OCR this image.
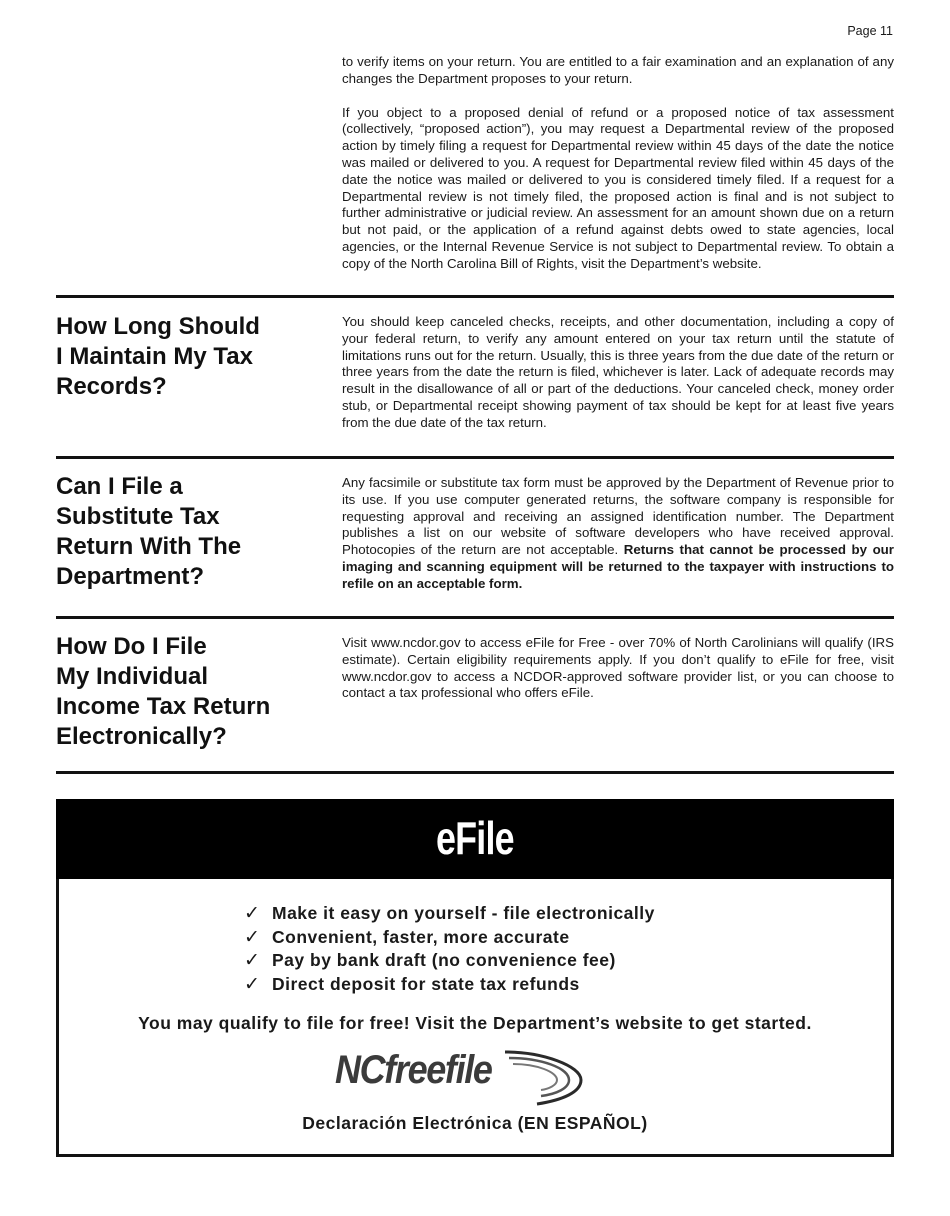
Page 11

to verify items on your return. You are entitled to a fair examination and an explanation of any changes the Department proposes to your return.

If you object to a proposed denial of refund or a proposed notice of tax assessment (collectively, “proposed action”), you may request a Departmental review of the proposed action by timely filing a request for Departmental review within 45 days of the date the notice was mailed or delivered to you. A request for Departmental review filed within 45 days of the date the notice was mailed or delivered to you is considered timely filed. If a request for a Departmental review is not timely filed, the proposed action is final and is not subject to further administrative or judicial review. An assessment for an amount shown due on a return but not paid, or the application of a refund against debts owed to state agencies, local agencies, or the Internal Revenue Service is not subject to Departmental review. To obtain a copy of the North Carolina Bill of Rights, visit the Department’s website.

How Long Should
I Maintain My Tax
Records?

You should keep canceled checks, receipts, and other documentation, including a copy of your federal return, to verify any amount entered on your tax return until the statute of limitations runs out for the return. Usually, this is three years from the due date of the return or three years from the date the return is filed, whichever is later. Lack of adequate records may result in the disallowance of all or part of the deductions. Your canceled check, money order stub, or Departmental receipt showing payment of tax should be kept for at least five years from the due date of the tax return.

Can I File a
Substitute Tax
Return With The
Department?

Any facsimile or substitute tax form must be approved by the Department of Revenue prior to its use. If you use computer generated returns, the software company is responsible for requesting approval and receiving an assigned identification number. The Department publishes a list on our website of software developers who have received approval. Photocopies of the return are not acceptable. Returns that cannot be processed by our imaging and scanning equipment will be returned to the taxpayer with instructions to refile on an acceptable form.

How Do I File
My Individual
Income Tax Return
Electronically?

Visit www.ncdor.gov to access eFile for Free - over 70% of North Carolinians will qualify (IRS estimate). Certain eligibility requirements apply. If you don’t qualify to eFile for free, visit www.ncdor.gov to access a NCDOR-approved software provider list, or you can choose to contact a tax professional who offers eFile.

eFile
✓ Make it easy on yourself - file electronically
✓ Convenient, faster, more accurate
✓ Pay by bank draft (no convenience fee)
✓ Direct deposit for state tax refunds

You may qualify to file for free! Visit the Department’s website to get started.

NCfreefile

Declaración Electrónica (EN ESPAÑOL)
